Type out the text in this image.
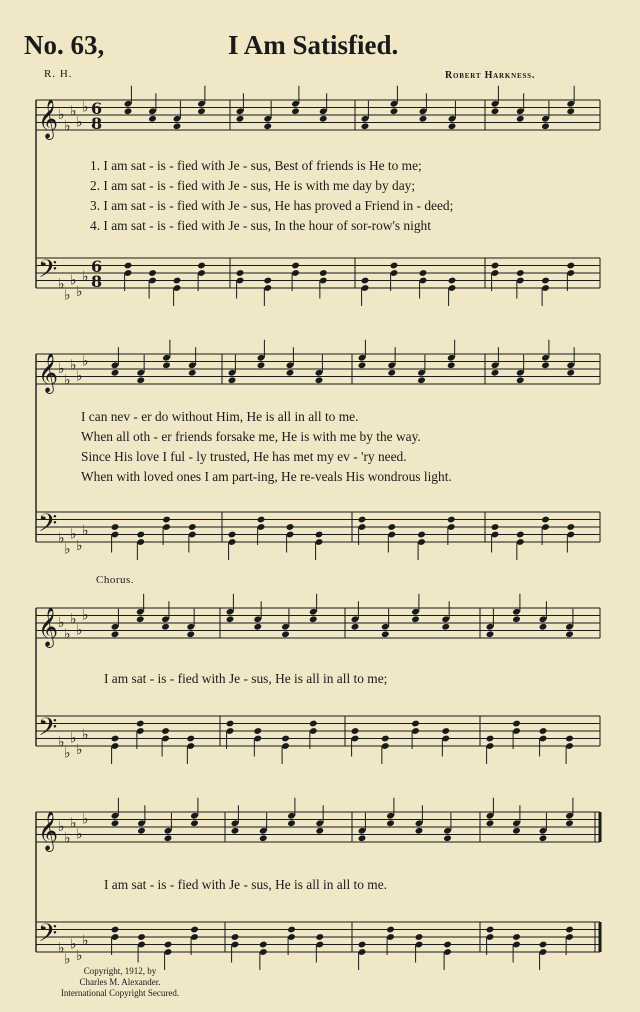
No. 63,	I Am Satisfied.
R. H.	Robert Harkness.
𝄞 ♭
♭
♭
♭
♭ 6
8
𝄢 ♭
♭
♭
♭
♭
6
8
𝄞 ♭
♭
♭
♭
♭
𝄢 ♭
♭
♭
♭
♭
𝄞 ♭
♭
♭
♭
♭
𝄢 ♭
♭
♭
♭
♭
𝄞 ♭
♭
♭
♭
♭
𝄢 ♭
♭
♭
♭
♭
1. I am sat - is - fied with Je - sus, Best of friends is He to me;
2. I am sat - is - fied with Je - sus, He is with me day by day;
3. I am sat - is - fied with Je - sus, He has proved a Friend in - deed;
4. I am sat - is - fied with Je - sus, In the hour of sor-row's night
I can nev - er do without Him, He is all in all to me.
When all oth - er friends forsake me, He is with me by the way.
Since His love I ful - ly trusted, He has met my ev - 'ry need.
When with loved ones I am part-ing, He re-veals His wondrous light.
Chorus.
I am sat - is - fied with Je - sus, He is all in all to me;
I am sat - is - fied with Je - sus, He is all in all to me.
Copyright, 1912, by
Charles M. Alexander.
International Copyright Secured.
